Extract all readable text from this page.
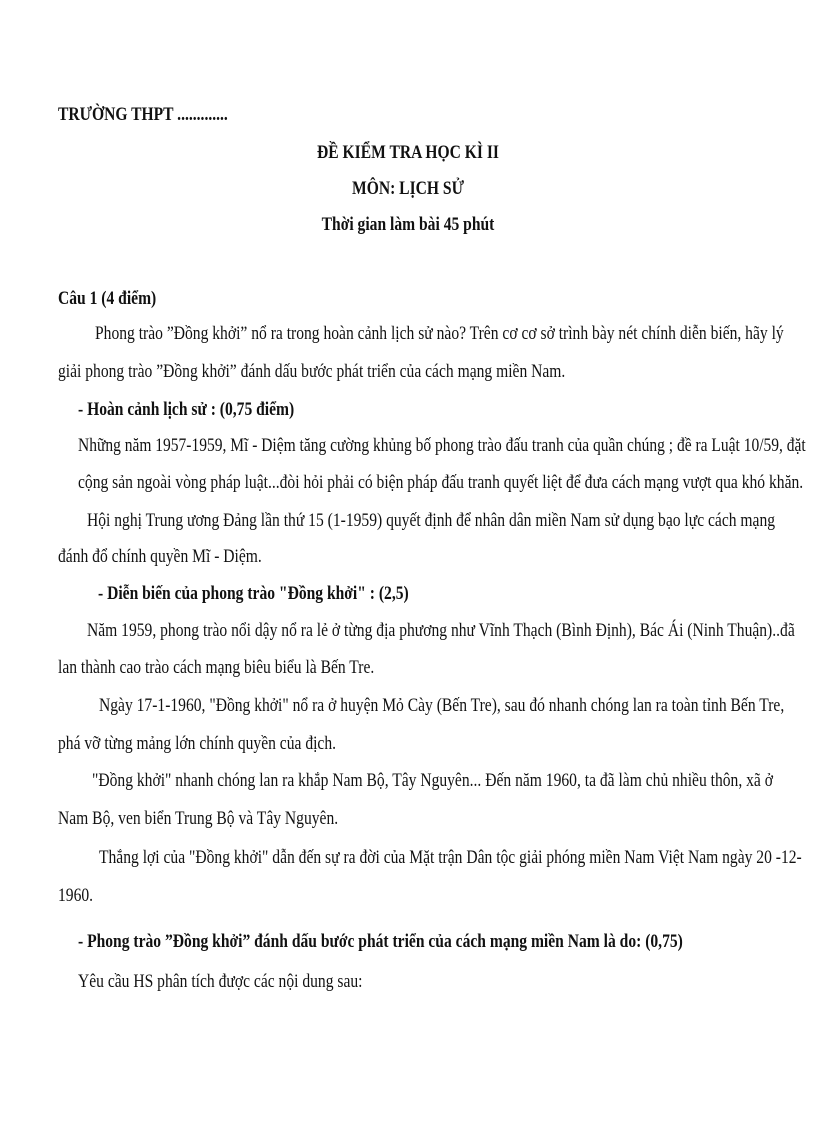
TRƯỜNG THPT .............
ĐỀ KIỂM TRA HỌC KÌ II
MÔN: LỊCH SỬ
Thời gian làm bài 45 phút
Câu 1 (4 điểm)
Phong trào ”Đồng khởi” nổ ra trong hoàn cảnh lịch sử nào? Trên cơ cơ sở trình bày nét chính diễn biến, hãy lý
giải phong trào ”Đồng khởi” đánh dấu bước phát triển của cách mạng miền Nam.
- Hoàn cảnh lịch sử : (0,75 điểm)
Những năm 1957-1959, Mĩ - Diệm tăng cường khủng bố phong trào đấu tranh của quần chúng ; đề ra Luật 10/59, đặt
cộng sản ngoài vòng pháp luật...đòi hỏi phải có biện pháp đấu tranh quyết liệt để đưa cách mạng vượt qua khó khăn.
Hội nghị Trung ương Đảng lần thứ 15 (1-1959) quyết định để nhân dân miền Nam sử dụng bạo lực cách mạng
đánh đổ chính quyền Mĩ - Diệm.
- Diễn biến của phong trào "Đồng khởi" : (2,5)
Năm 1959, phong trào nổi dậy nổ ra lẻ ở từng địa phương như Vĩnh Thạch (Bình Định), Bác Ái (Ninh Thuận)..đã
lan thành cao trào cách mạng biêu biểu là Bến Tre.
Ngày 17-1-1960, "Đồng khởi" nổ ra ở huyện Mỏ Cày (Bến Tre), sau đó nhanh chóng lan ra toàn tỉnh Bến Tre,
phá vỡ từng mảng lớn chính quyền của địch.
"Đồng khởi" nhanh chóng lan ra khắp Nam Bộ, Tây Nguyên... Đến năm 1960, ta đã làm chủ nhiều thôn, xã ở
Nam Bộ, ven biển Trung Bộ và Tây Nguyên.
Thắng lợi của "Đồng khởi" dẫn đến sự ra đời của Mặt trận Dân tộc giải phóng miền Nam Việt Nam ngày 20 -12-
1960.
- Phong trào ”Đồng khởi” đánh dấu bước phát triển của cách mạng miền Nam là do: (0,75)
Yêu cầu HS phân tích được các nội dung sau:
